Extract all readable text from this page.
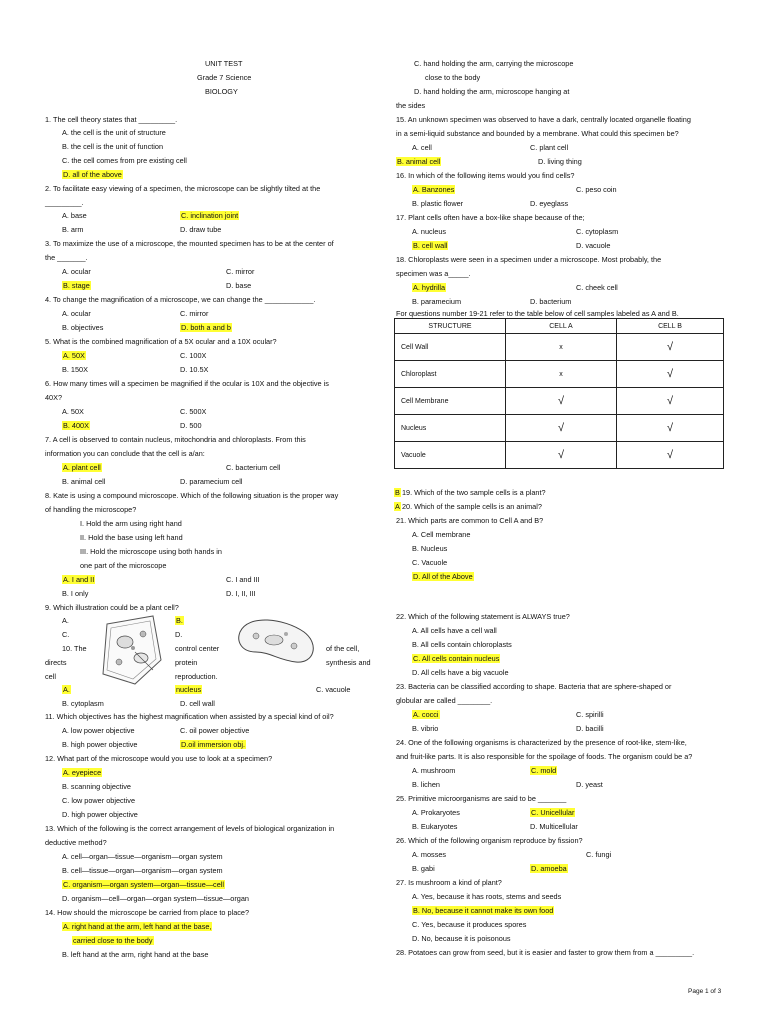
UNIT TEST
Grade 7 Science
BIOLOGY
1. The cell theory states that _________.
A. the cell is the unit of structure
B. the cell is the unit of function
C. the cell comes from pre existing cell
D. all of the above
2. To facilitate easy viewing of a specimen, the microscope can be slightly tilted at the
_________.
A. base	C. inclination joint
B. arm	D. draw tube
3. To maximize the use of a microscope, the mounted specimen has to be at the center of
the _______.
A. ocular	C. mirror
B. stage	D. base
4. To change the magnification of a microscope, we can change the ____________.
A. ocular	C. mirror
B. objectives	D. both a and b
5. What is the combined magnification of a 5X ocular and a 10X ocular?
A. 50X	C. 100X
B. 150X	D. 10.5X
6. How many times will a specimen be magnified if the ocular is 10X and the objective is
40X?
A. 50X	C. 500X
B. 400X	D. 500
7. A cell is observed to contain nucleus, mitochondria and chloroplasts. From this
information you can conclude that the cell is a/an:
A. plant cell	C. bacterium cell
B. animal cell	D. paramecium cell
8. Kate is using a compound microscope. Which of the following situation is the proper way
of handling the microscope?
I. Hold the arm using right hand
II. Hold the base using left hand
III. Hold the microscope using both hands in
one part of the microscope
A. I and II	C. I and III
B. I only	D. I, II, III
9. Which illustration could be a plant cell?
A.	B.
C.	D.
10. The	control center	of the cell,
directs	protein	synthesis and
cell	reproduction.
A.	nucleus	C. vacuole
B. cytoplasm	D. cell wall
11. Which objectives has the highest magnification when assisted by a special kind of oil?
A. low power objective	C. oil power objective
B. high power objective	D.oil immersion obj.
12. What part of the microscope would you use to look at a specimen?
A. eyepiece
B. scanning objective
C. low power objective
D. high power objective
13. Which of the following is the correct arrangement of levels of biological organization in
deductive method?
A. cell—organ—tissue—organism—organ system
B. cell—tissue—organ—organism—organ system
C. organism—organ system—organ—tissue—cell
D. organism—cell—organ—organ system—tissue—organ
14. How should the microscope be carried from place to place?
A. right hand at the arm, left hand at the base,
carried close to the body
B. left hand at the arm, right hand at the base
C. hand holding the arm, carrying the microscope
close to the body
D. hand holding the arm, microscope hanging at
the sides
15. An unknown specimen was observed to have a dark, centrally located organelle floating
in a semi-liquid substance and bounded by a membrane. What could this specimen be?
A. cell	C. plant cell
B. animal cell	D. living thing
16. In which of the following items would you find cells?
A. Banzones	C. peso coin
B. plastic flower	D. eyeglass
17. Plant cells often have a box-like shape because of the;
A. nucleus	C. cytoplasm
B. cell wall	D. vacuole
18. Chloroplasts were seen in a specimen under a microscope. Most probably, the
specimen was a_____.
A. hydrilla	C. cheek cell
B. paramecium	D. bacterium
For questions number 19-21 refer to the table below of cell samples labeled as A and B.
STRUCTURE	CELL A	CELL B
Cell Wall	x	√
Chloroplast	x	√
Cell Membrane	√	√
Nucleus	√	√
Vacuole	√	√
B 19. Which of the two sample cells is a plant?
A 20. Which of the sample cells is an animal?
21. Which parts are common to Cell A and B?
A. Cell membrane
B. Nucleus
C. Vacuole
D. All of the Above
22. Which of the following statement is ALWAYS true?
A. All cells have a cell wall
B. All cells contain chloroplasts
C. All cells contain nucleus
D. All cells have a big vacuole
23. Bacteria can be classified according to shape. Bacteria that are sphere-shaped or
globular are called ________.
A. cocci	C. spirilli
B. vibrio	D. bacilli
24. One of the following organisms is characterized by the presence of root-like, stem-like,
and fruit-like parts. It is also responsible for the spoilage of foods. The organism could be a?
A. mushroom	C. mold
B. lichen	D. yeast
25. Primitive microorganisms are said to be _______
A. Prokaryotes	C. Unicellular
B. Eukaryotes	D. Multicellular
26. Which of the following organism reproduce by fission?
A. mosses	C. fungi
B. gabi	D. amoeba
27. Is mushroom a kind of plant?
A. Yes, because it has roots, stems and seeds
B. No, because it cannot make its own food
C. Yes, because it produces spores
D. No, because it is poisonous
28. Potatoes can grow from seed, but it is easier and faster to grow them from a _________.
Page 1 of 3
